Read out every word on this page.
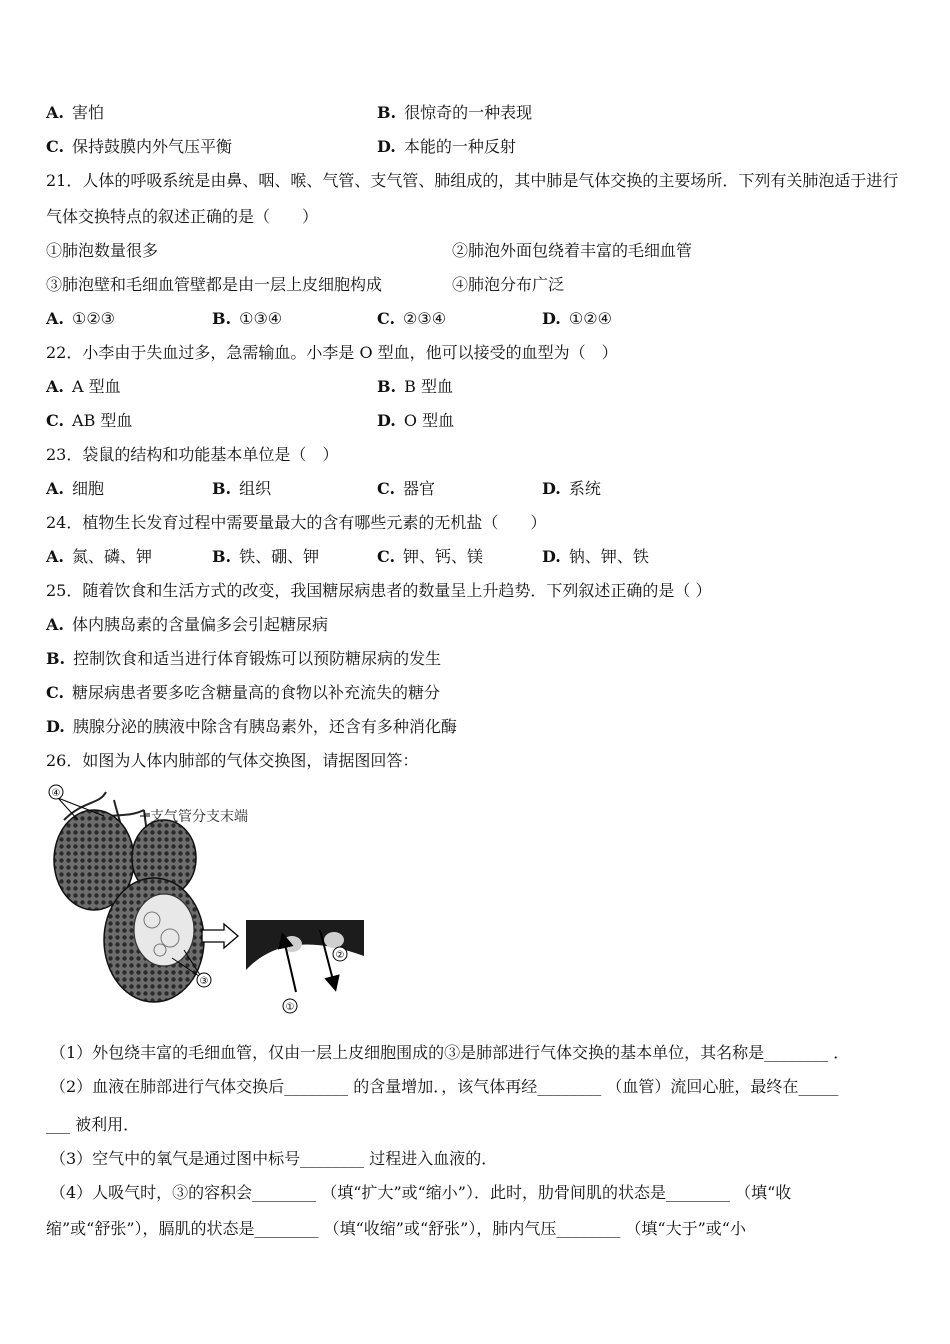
A. 害怕	B. 很惊奇的一种表现
C. 保持鼓膜内外气压平衡	D. 本能的一种反射
21．人体的呼吸系统是由鼻、咽、喉、气管、支气管、肺组成的，其中肺是气体交换的主要场所．下列有关肺泡适于进行
气体交换特点的叙述正确的是（　　）
①肺泡数量很多	②肺泡外面包绕着丰富的毛细血管
③肺泡壁和毛细血管壁都是由一层上皮细胞构成	④肺泡分布广泛
A. ①②③	B. ①③④	C. ②③④	D. ①②④
22．小李由于失血过多，急需输血。小李是 O 型血，他可以接受的血型为（　）
A. A 型血	B. B 型血
C. AB 型血	D. O 型血
23．袋鼠的结构和功能基本单位是（　）
A. 细胞	B. 组织	C. 器官	D. 系统
24．植物生长发育过程中需要量最大的含有哪些元素的无机盐（　　）
A. 氮、磷、钾	B. 铁、硼、钾	C. 钾、钙、镁	D. 钠、钾、铁
25．随着饮食和生活方式的改变，我国糖尿病患者的数量呈上升趋势．下列叙述正确的是（ ）
A. 体内胰岛素的含量偏多会引起糖尿病
B. 控制饮食和适当进行体育锻炼可以预防糖尿病的发生
C. 糖尿病患者要多吃含糖量高的食物以补充流失的糖分
D. 胰腺分泌的胰液中除含有胰岛素外，还含有多种消化酶
26．如图为人体内肺部的气体交换图，请据图回答：
④
③
①
②
支气管分支末端
（1）外包绕丰富的毛细血管，仅由一层上皮细胞围成的③是肺部进行气体交换的基本单位，其名称是________ ．
（2）血液在肺部进行气体交换后________ 的含量增加．，该气体再经________ （血管）流回心脏，最终在_____
___ 被利用．
（3）空气中的氧气是通过图中标号________ 过程进入血液的．
（4）人吸气时，③的容积会________ （填“扩大”或“缩小”）．此时，肋骨间肌的状态是________ （填“收
缩”或“舒张”），膈肌的状态是________ （填“收缩”或“舒张”），肺内气压________ （填“大于”或“小
